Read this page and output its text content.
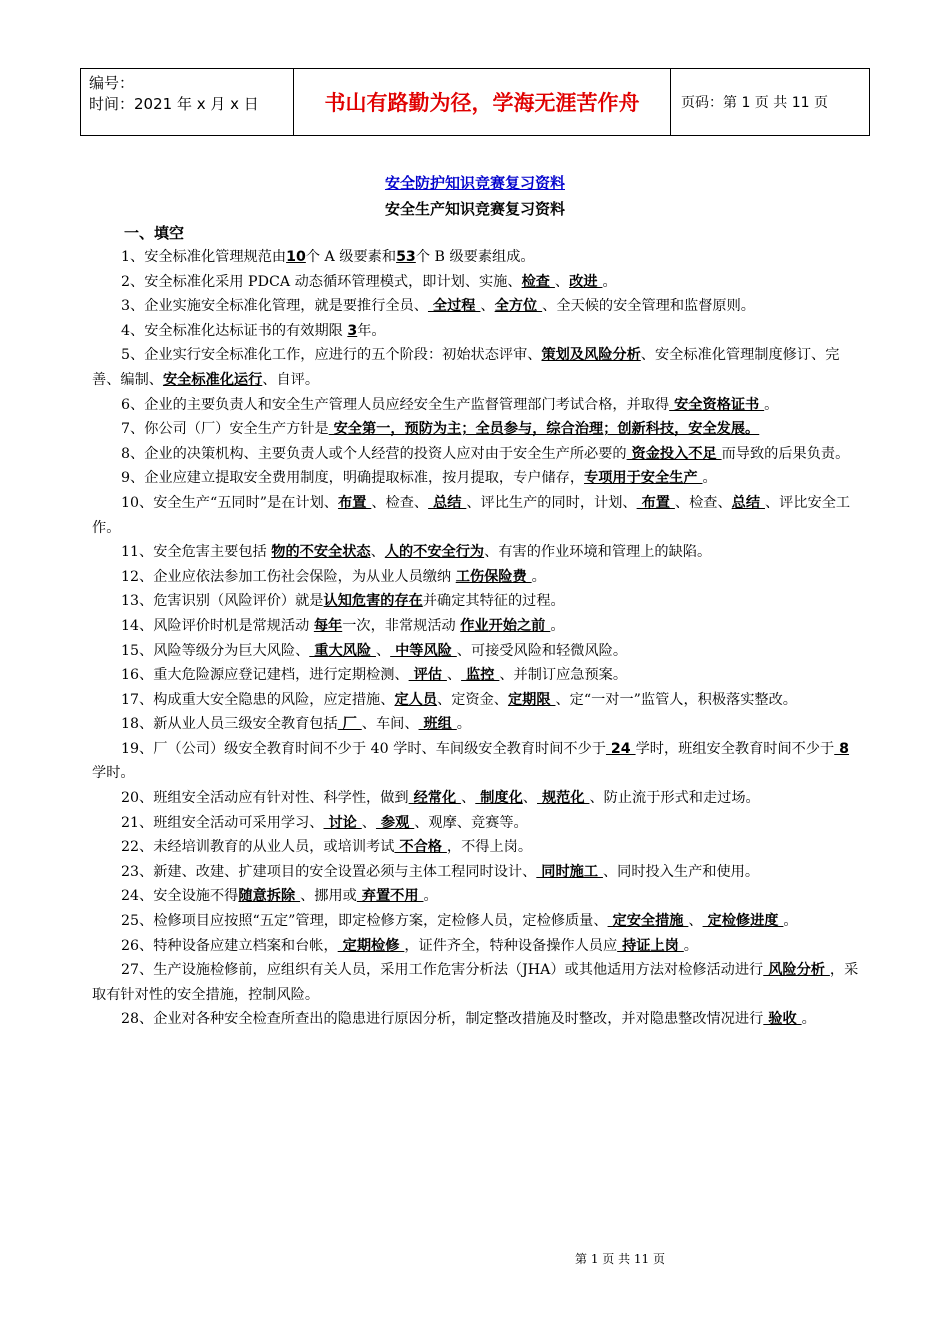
编号：
时间：2021 年 x 月 x 日	书山有路勤为径，学海无涯苦作舟	页码：第 1 页 共 11 页
安全防护知识竞赛复习资料
安全生产知识竞赛复习资料
一、填空

1、安全标准化管理规范由10个 A 级要素和53个 B 级要素组成。

2、安全标准化采用 PDCA 动态循环管理模式，即计划、实施、检查 、改进 。

3、企业实施安全标准化管理，就是要推行全员、 全过程 、全方位 、全天候的安全管理和监督原则。

4、安全标准化达标证书的有效期限 3年。

5、企业实行安全标准化工作，应进行的五个阶段：初始状态评审、策划及风险分析、安全标准化管理制度修订、完善、编制、安全标准化运行、自评。

6、企业的主要负责人和安全生产管理人员应经安全生产监督管理部门考试合格，并取得 安全资格证书 。

7、你公司（厂）安全生产方针是 安全第一，预防为主；全员参与，综合治理；创新科技，安全发展。

8、企业的决策机构、主要负责人或个人经营的投资人应对由于安全生产所必要的 资金投入不足 而导致的后果负责。

9、企业应建立提取安全费用制度，明确提取标准，按月提取，专户储存，专项用于安全生产 。

10、安全生产“五同时”是在计划、布置 、检查、 总结 、评比生产的同时，计划、 布置 、检查、总结 、评比安全工作。

11、安全危害主要包括 物的不安全状态、人的不安全行为、有害的作业环境和管理上的缺陷。

12、企业应依法参加工伤社会保险，为从业人员缴纳 工伤保险费 。

13、危害识别（风险评价）就是认知危害的存在并确定其特征的过程。

14、风险评价时机是常规活动 每年一次，非常规活动 作业开始之前 。

15、风险等级分为巨大风险、 重大风险 、 中等风险 、可接受风险和轻微风险。

16、重大危险源应登记建档，进行定期检测、 评估 、 监控 、并制订应急预案。

17、构成重大安全隐患的风险，应定措施、定人员、定资金、定期限 、定“一对一”监管人，积极落实整改。

18、新从业人员三级安全教育包括 厂 、车间、 班组 。

19、厂（公司）级安全教育时间不少于 40 学时、车间级安全教育时间不少于 24 学时，班组安全教育时间不少于 8 学时。

20、班组安全活动应有针对性、科学性，做到 经常化 、 制度化、 规范化 、防止流于形式和走过场。

21、班组安全活动可采用学习、 讨论 、 参观 、观摩、竞赛等。

22、未经培训教育的从业人员，或培训考试 不合格 ，不得上岗。

23、新建、改建、扩建项目的安全设置必须与主体工程同时设计、 同时施工 、同时投入生产和使用。

24、安全设施不得随意拆除 、挪用或 弃置不用 。

25、检修项目应按照“五定”管理，即定检修方案，定检修人员，定检修质量、 定安全措施 、 定检修进度 。

26、特种设备应建立档案和台帐， 定期检修 ，证件齐全，特种设备操作人员应 持证上岗 。

27、生产设施检修前，应组织有关人员，采用工作危害分析法（JHA）或其他适用方法对检修活动进行 风险分析 ，采取有针对性的安全措施，控制风险。

28、企业对各种安全检查所查出的隐患进行原因分析，制定整改措施及时整改，并对隐患整改情况进行 验收 。

第 1 页 共 11 页
